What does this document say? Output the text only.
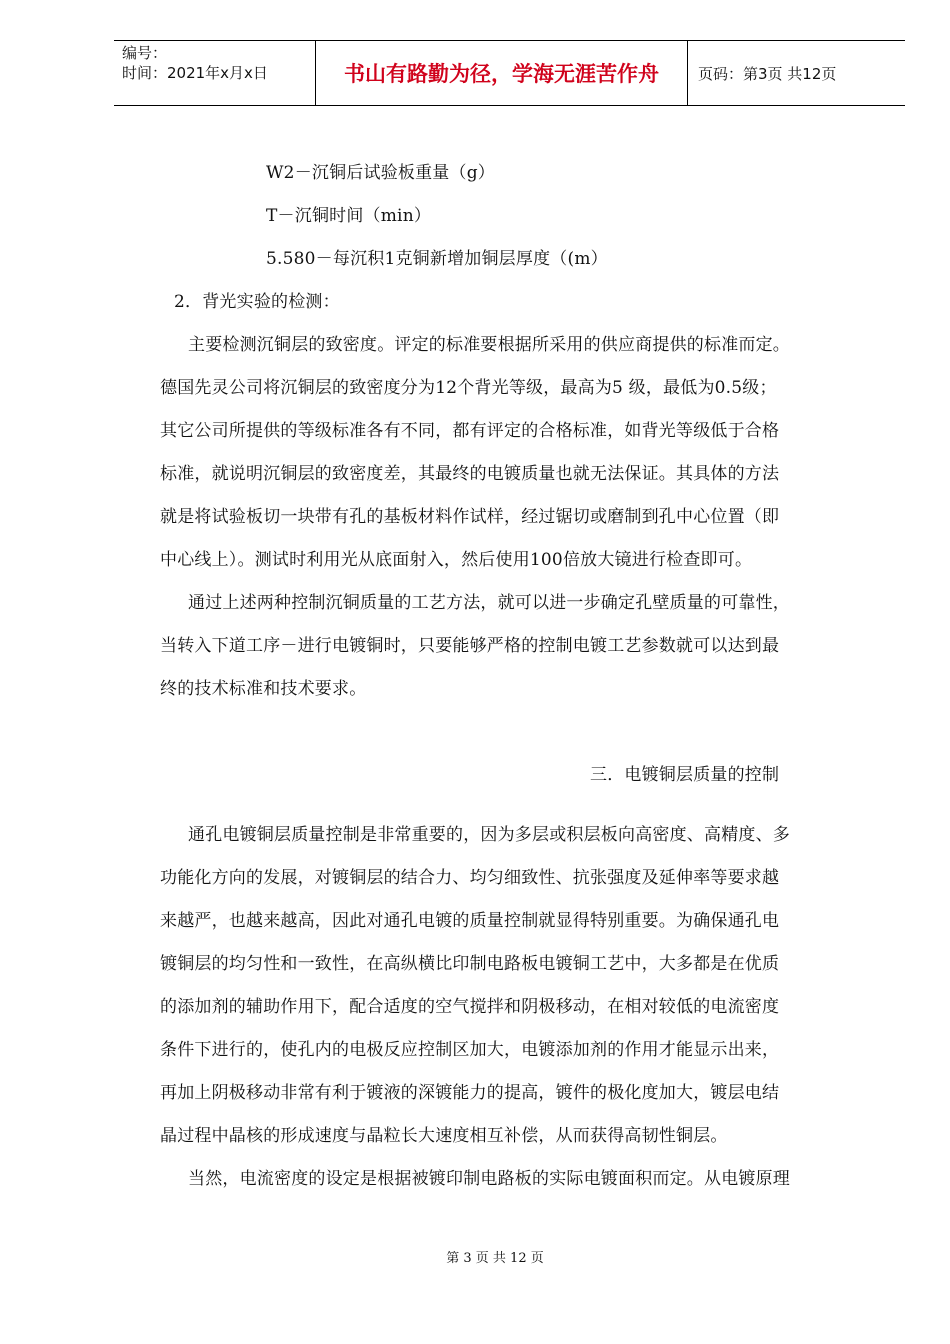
编号：
时间：2021年x月x日	书山有路勤为径，学海无涯苦作舟	页码：第3页 共12页
W2－沉铜后试验板重量（g）
T－沉铜时间（min）
5.580－每沉积1克铜新增加铜层厚度（(m）
2．背光实验的检测：
主要检测沉铜层的致密度。评定的标准要根据所采用的供应商提供的标准而定。
德国先灵公司将沉铜层的致密度分为12个背光等级，最高为5 级，最低为0.5级；
其它公司所提供的等级标准各有不同，都有评定的合格标准，如背光等级低于合格
标准，就说明沉铜层的致密度差，其最终的电镀质量也就无法保证。其具体的方法
就是将试验板切一块带有孔的基板材料作试样，经过锯切或磨制到孔中心位置（即
中心线上）。测试时利用光从底面射入，然后使用100倍放大镜进行检查即可。
通过上述两种控制沉铜质量的工艺方法，就可以进一步确定孔壁质量的可靠性，
当转入下道工序－进行电镀铜时，只要能够严格的控制电镀工艺参数就可以达到最
终的技术标准和技术要求。
三．电镀铜层质量的控制
通孔电镀铜层质量控制是非常重要的，因为多层或积层板向高密度、高精度、多
功能化方向的发展，对镀铜层的结合力、均匀细致性、抗张强度及延伸率等要求越
来越严，也越来越高，因此对通孔电镀的质量控制就显得特别重要。为确保通孔电
镀铜层的均匀性和一致性，在高纵横比印制电路板电镀铜工艺中，大多都是在优质
的添加剂的辅助作用下，配合适度的空气搅拌和阴极移动，在相对较低的电流密度
条件下进行的，使孔内的电极反应控制区加大，电镀添加剂的作用才能显示出来，
再加上阴极移动非常有利于镀液的深镀能力的提高，镀件的极化度加大，镀层电结
晶过程中晶核的形成速度与晶粒长大速度相互补偿，从而获得高韧性铜层。
当然，电流密度的设定是根据被镀印制电路板的实际电镀面积而定。从电镀原理
第 3 页 共 12 页
